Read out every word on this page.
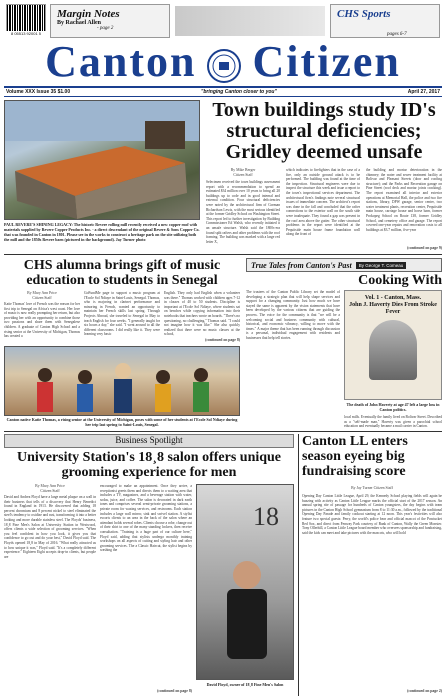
8 05513 92001 5
Margin Notes
By Rachael Allen
- page 2
CHS Sports
pages 6-7
Canton Citizen
Volume XXX Issue 35 $1.00	"bringing Canton closer to you"	April 27, 2017
PAUL REVERE'S SHINING LEGACY: The historic Revere rolling mill recently received a new copper roof with materials supplied by Revere Copper Products Inc. - a direct descendant of the original Revere & Sons Copper Co. that was founded in Canton in 1801. Please see in the works to construct a heritage park on the site utilizing both the mill and the 1850s Revere barn (pictured in the background). Jay Turner photo
Town buildings study ID's structural deficiencies; Gridley deemed unsafe
By Mike Berger
Citizen Staff
Selectmen received the town buildings assessment report with a recommendation to spend an estimated $34 million over 10 years to bring all 20 buildings up to code and in good internal and external condition. Four structural deficiencies were noted by the architectural firm of Gorman Richardson Lewis, with the most serious identified at the former Gridley School on Washington Street. This report led to further investigation by Building Commissioner Ed Walsh, who recently initiated it an unsafe structure. Walsh said the 1800s-era found split rafters and other problems with the roof framing. The building was marked with a large red letter X,
which indicates to firefighters that in the case of a fire, only an outside ground attack is to be performed. The building was found at the time of the inspection. Structural engineers were due to inspect the structure this week and issue a report to the town's inspectional services department. The architectural firm's findings note several structural issues of immediate concern. The architect's report was done in the fall and concluded that the rafter connections to the exterior wall on the south side were inadequate. They found a gap was present in the roof area above the gutter. The other structural problems in the report were identified at the Pequitside main house frame foundation wall along the front of
the building and mortar deterioration in the chimney; the water and sewer treatment facility at Bolivar and Pleasant Streets (door and roofing structure); and the Parks and Recreation garage on Pine Street (roof deck and mortar joints cracking). The report examined all interior and exterior operations at Memorial Hall, the police and two fire stations, library, DPW garage, senior center, two water treatment plants, recreation center, Pequitside main house, carriage house and horse barn, former Prokopeg School on Route 138, former Gridley School, and cemetery office and garage. The report covered one-year repairs and renovation costs to all buildings at $3.7 million, five-year
(continued on page 9)
CHS alumna brings gift of music education to students in Senegal
By Mary Ann Price
Citizen Staff
Katie Thomas' love of French was the reason for her first trip to Senegal on Africa's west coast. Her love of music is now really prompting her return, but also providing her with an opportunity to combine those two passions and share them with Senegalese children. A graduate of Canton High School and a rising senior at the University of Michigan, Thomas has created a
GoFundMe page to support a music program at l'Ecole Sol Ndiaye in Saint-Louis, Senegal. Thomas, who is majoring in clarinet performance and minoring in French, wanted an opportunity to maintain her French skills last spring. Through Projects Abroad, she traveled to Senegal in May to teach English for four weeks. "I generally taught for six hours a day," she said. "I went around to all the different classrooms. I did really like it. They were learning very basic
English. They only had English when a volunteer was there." Thomas worked with children ages 7-12 in classes of 40 to 50 students. Discipline is important at l'Ecole Sol Ndiaye, where students sat on benches while copying information into their notebooks that teachers wrote on boards. "There's no questioning, no challenging," Thomas said. "I could not imagine how it was like." She also quickly realized that there were no music classes at the school,
(continued on page 8)
Canton native Katie Thomas, a rising senior at the University of Michigan, poses with some of her students at l'Ecole Sol Ndiaye during her trip last spring to Saint-Louis, Senegal.
True Tales from Canton's Past	By George T. Comeau
Cooking With
The trustees of the Canton Public Library set the model of developing a strategic plan that will help shape services and support for a changing community. Just how much we have stayed the same is apparent by the vision statements that have been developed by the various citizens that are guiding the process. The voice for the community is that "we will be a welcoming social and business community with cultural, historical, and economic vibrancy, willing to move with the times." A major theme that has been running through discussion is a personal, individual engagement with residents and businesses that help tell stories.
Vol. 1 - Canton, Mass.
John J. Haverty Dies From Stroke Fever
The death of John Haverty at age 47 left a large loss in Canton politics.
local mills. Eventually the family lived on Bolivar Street. Described as a "self-made man," Haverty was given a parochial school education and eventually became a mail carrier in Canton.
Business Spotlight
University Station's 18¸8 salon offers unique grooming experience for men
By Mary Ann Price
Citizen Staff
David and Andrea Floyd have a large metal plaque on a wall in their business that tells of a discovery that Henry Benedict found in England in 1913. He discovered that adding 18 percent chromium and 8 percent nickel to steel eliminated the steel's tendency to oxidize and rust, transforming it into a better looking and more durable stainless steel. The Floyds' business, 18¸8 Fine Men's Salon at University Station in Westwood, offers clients a wide selection of grooming services. "When you feel confident in how you look, it gives you that confidence to go out and do your best," David Floyd said. The Floyds opened 18¸8 in May of 2016. "What really attracted us to how unique it was," Floyd said. "It's a completely different experience." Eighteen Eight accepts drop-in clients, but people are
encouraged to make an appointment. Once they arrive, a receptionist greets them and directs them to a waiting area that includes a TV, magazines, and a beverage station with water, sodas, juice, and coffee. The salon is decorated in dark earth tones and comprises several semi-private grooming stations, a private room for waxing services, and restrooms. Each station includes a large wall mirror, sink and swivel station. A stylist escorts clients to an area in the back of the salon where an attendant holds several robes. Clients choose a robe, change out of their shirt to one of the many standing lockers, then receive consultation. "Training is a huge part of our culture here," Floyd said, adding that stylists undergo monthly training workshops on all aspects of cutting and styling hair and other grooming services. The a Classic Haircut, the stylist begins by washing the
(continued on page 8)
18
David Floyd, owner of 18¸8 Fine Men's Salon
Canton LL enters season eyeing big fundraising score
By Jay Turner Citizen Staff
Opening Day Canton Little League, April 29, the Kennedy School playing fields will again be buzzing with activity as Canton Little League marks the official start of the 2017 season. An annual spring rite of passage for hundreds of Canton youngsters, the day begins with team pictures in the Canton High School gymnasium from 8 to 11:30 a.m., followed by the traditional Opening Day Parade and family cookout starting at 12 noon. This year's festivities will also feature two special guests: Perry, the world's police bear and official mascot of the Pawtucket Red Sox, and direct from Fenway Park courtesy of Bank of Canton, Wally the Green Monster. Tony Ollerhill, a Canton Little League board member who oversees sponsorship and fundraising, said the kids can meet and take pictures with the mascots, who will hold
(continued on page 2)
